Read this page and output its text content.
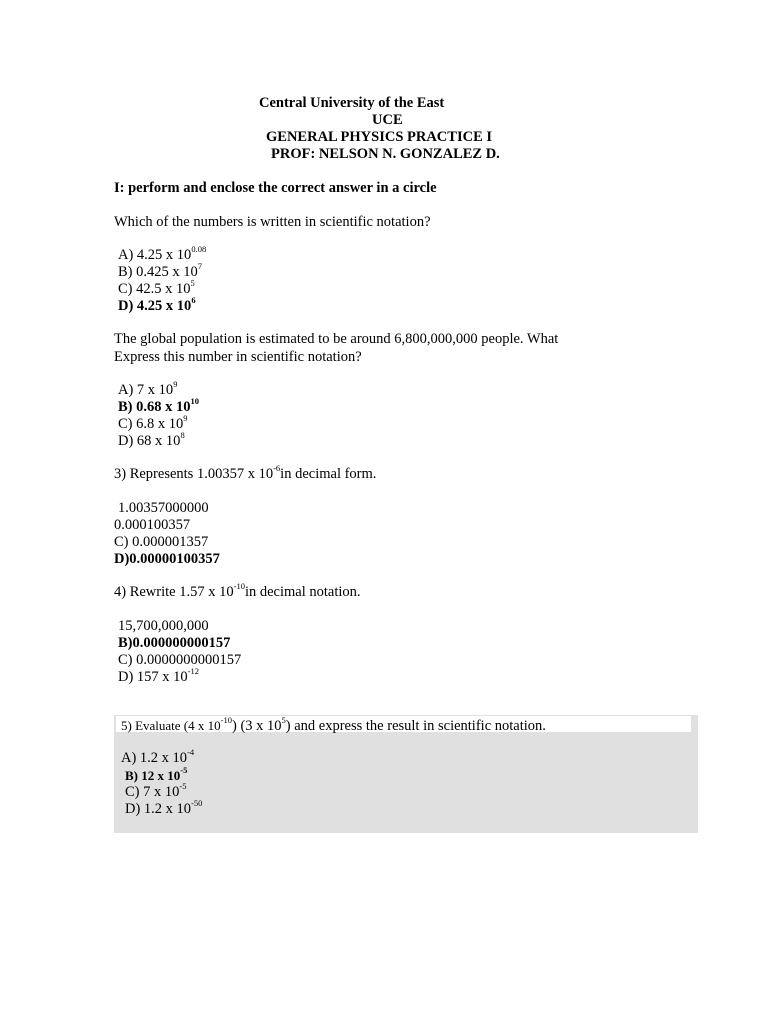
Central University of the East
UCE
GENERAL PHYSICS PRACTICE I
PROF: NELSON N. GONZALEZ D.
I: perform and enclose the correct answer in a circle
Which of the numbers is written in scientific notation?
A) 4.25 x $10^{0.08}$
B) 0.425 x $10^7$
C) 42.5 x $10^5$
D) 4.25 x $10^6$
The global population is estimated to be around 6,800,000,000 people. What
Express this number in scientific notation?
A) 7 x $10^9$
B) 0.68 x $10^{10}$
C) 6.8 x $10^9$
D) 68 x $10^8$
3) Represents 1.00357 x $10^{-6}in$ decimal form.
1.00357000000
0.000100357
C) 0.000001357
D)0.00000100357
4) Rewrite 1.57 x $10^{-10}in$ decimal notation.
15,700,000,000
B)0.000000000157
C) 0.0000000000157
D) 157 x $10^{-12}$
5) Evaluate (4 x $10^{-10}$) (3 x $10^5$) and express the result in scientific notation.
A) 1.2 x $10^{-4}$
B) 12 x $10^{-5}$
C) 7 x $10^{-5}$
D) 1.2 x $10^{-50}$
